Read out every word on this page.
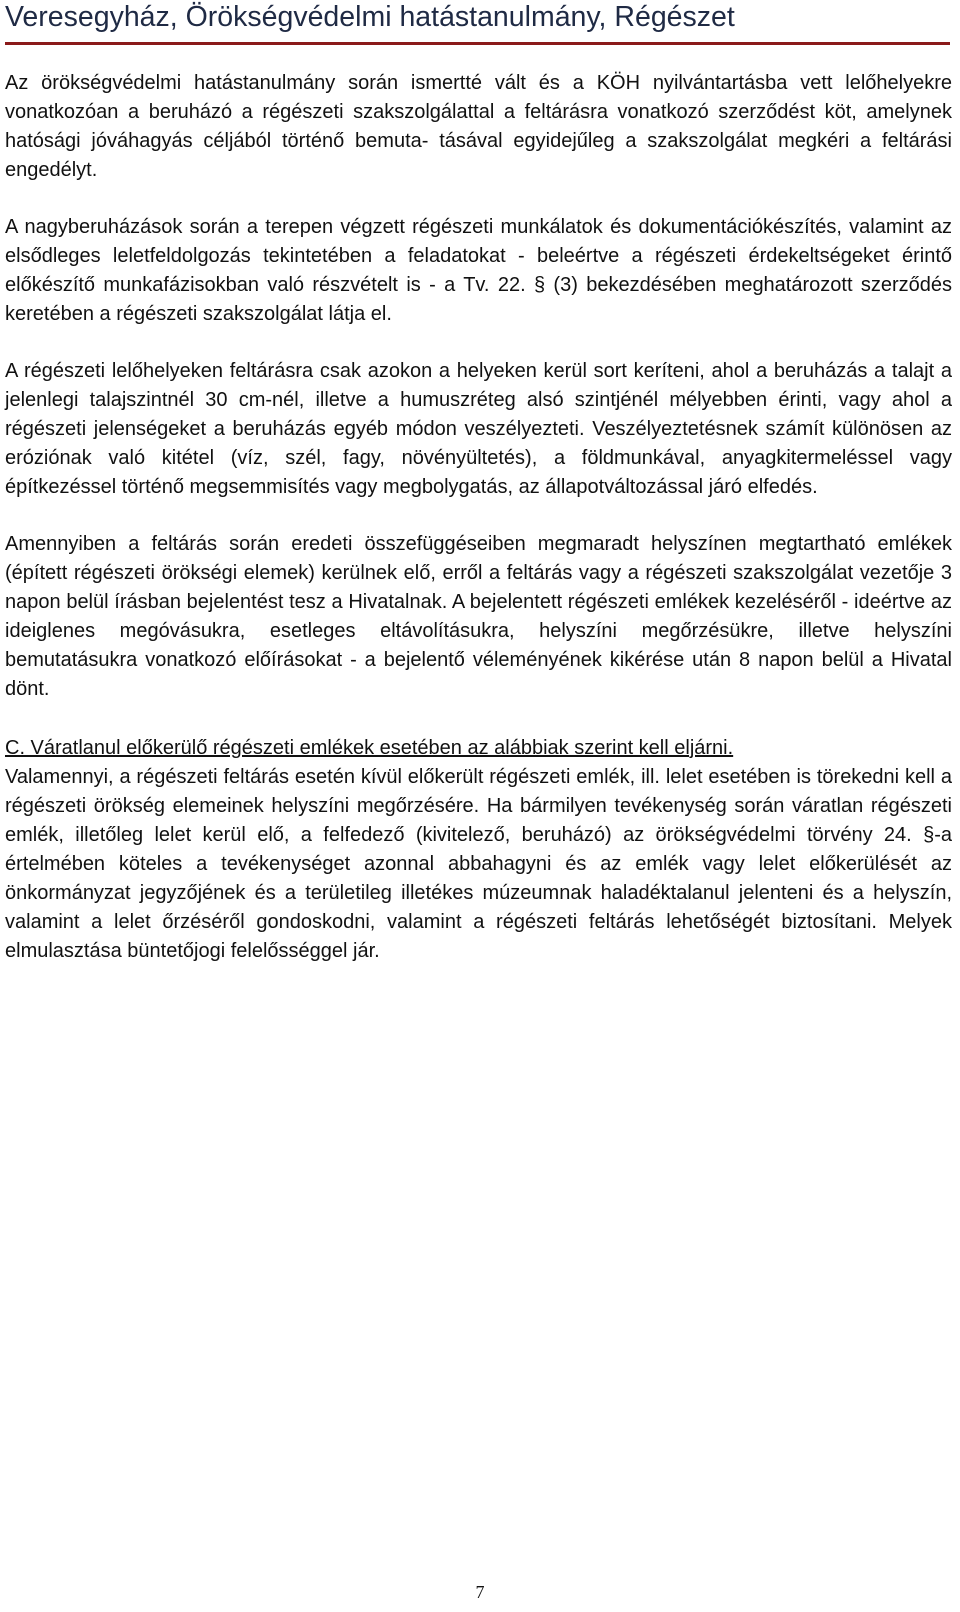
Veresegyház, Örökségvédelmi hatástanulmány, Régészet

Az örökségvédelmi hatástanulmány során ismertté vált és a KÖH nyilvántartásba vett lelőhelyekre vonatkozóan a beruházó a régészeti szakszolgálattal a feltárásra vonatkozó szerződést köt, amelynek hatósági jóváhagyás céljából történő bemuta- tásával egyidejűleg a szakszolgálat megkéri a feltárási engedélyt.

A nagyberuházások során a terepen végzett régészeti munkálatok és dokumentációkészítés, valamint az elsődleges leletfeldolgozás tekintetében a feladatokat - beleértve a régészeti érdekeltségeket érintő előkészítő munkafázisokban való részvételt is - a Tv. 22. § (3) bekezdésében meghatározott szerződés keretében a régészeti szakszolgálat látja el.

A régészeti lelőhelyeken feltárásra csak azokon a helyeken kerül sort keríteni, ahol a beruházás a talajt a jelenlegi talajszintnél 30 cm-nél, illetve a humuszréteg alsó szintjénél mélyebben érinti, vagy ahol a régészeti jelenségeket a beruházás egyéb módon veszélyezteti. Veszélyeztetésnek számít különösen az eróziónak való kitétel (víz, szél, fagy, növényültetés), a földmunkával, anyagkitermeléssel vagy építkezéssel történő megsemmisítés vagy megbolygatás, az állapotváltozással járó elfedés.

Amennyiben a feltárás során eredeti összefüggéseiben megmaradt helyszínen megtartható emlékek (épített régészeti örökségi elemek) kerülnek elő, erről a feltárás vagy a régészeti szakszolgálat vezetője 3 napon belül írásban bejelentést tesz a Hivatalnak. A bejelentett régészeti emlékek kezeléséről - ideértve az ideiglenes megóvásukra, esetleges eltávolításukra, helyszíni megőrzésükre, illetve helyszíni bemutatásukra vonatkozó előírásokat - a bejelentő véleményének kikérése után 8 napon belül a Hivatal dönt.

C. Váratlanul előkerülő régészeti emlékek esetében az alábbiak szerint kell eljárni.
Valamennyi, a régészeti feltárás esetén kívül előkerült régészeti emlék, ill. lelet esetében is törekedni kell a régészeti örökség elemeinek helyszíni megőrzésére. Ha bármilyen tevékenység során váratlan régészeti emlék, illetőleg lelet kerül elő, a felfedező (kivitelező, beruházó) az örökségvédelmi törvény 24. §-a értelmében köteles a tevékenységet azonnal abbahagyni és az emlék vagy lelet előkerülését az önkormányzat jegyzőjének és a területileg illetékes múzeumnak haladéktalanul jelenteni és a helyszín, valamint a lelet őrzéséről gondoskodni, valamint a régészeti feltárás lehetőségét biztosítani. Melyek elmulasztása büntetőjogi felelősséggel jár.
7
